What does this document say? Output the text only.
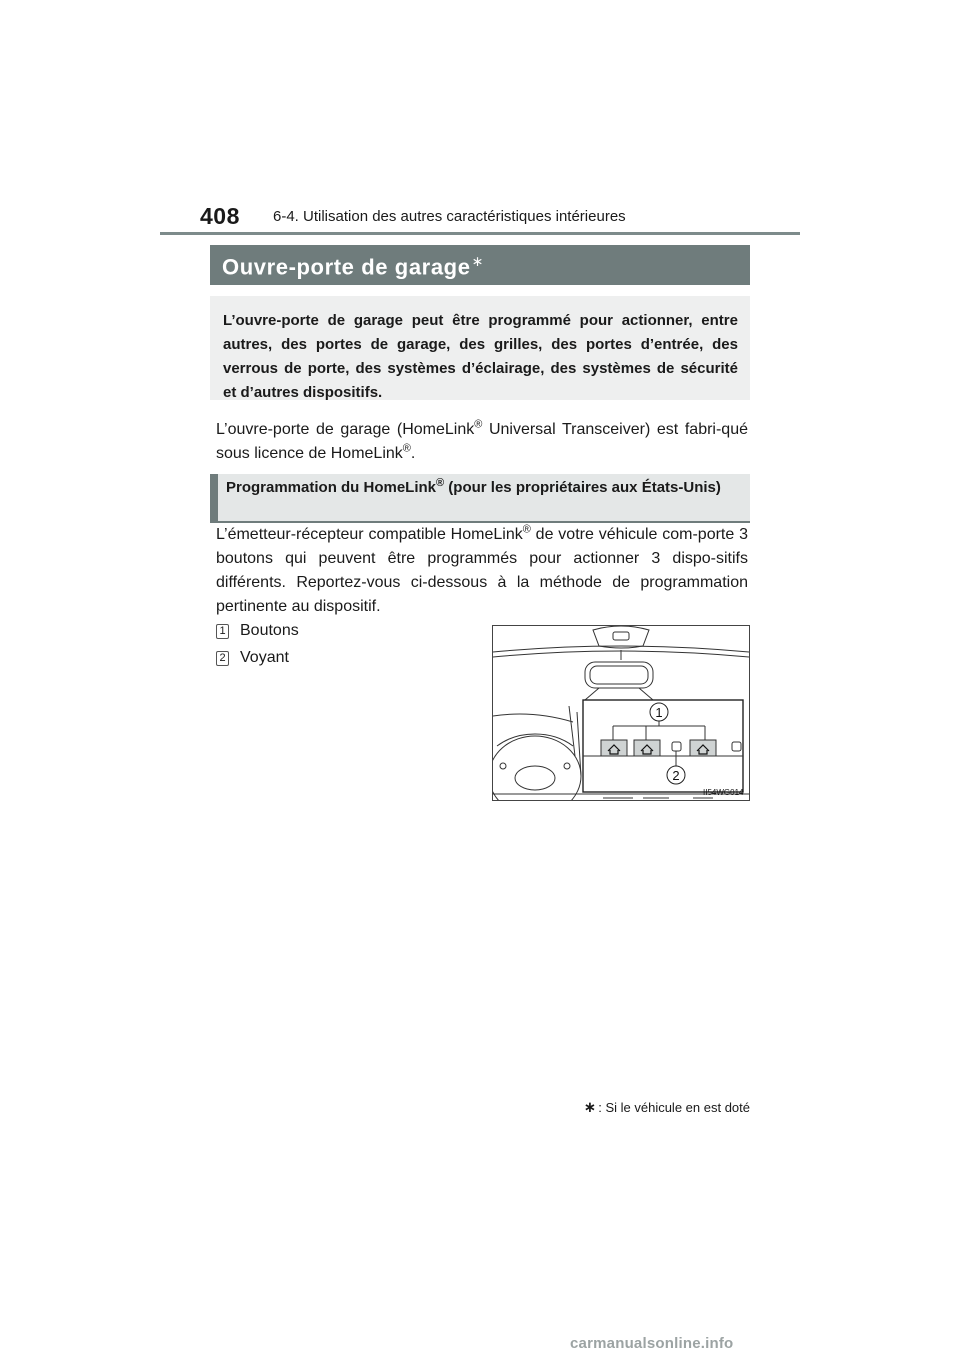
408 6-4. Utilisation des autres caractéristiques intérieures
Ouvre-porte de garage∗
L’ouvre-porte de garage peut être programmé pour actionner, entre autres, des portes de garage, des grilles, des portes d’entrée, des verrous de porte, des systèmes d’éclairage, des systèmes de sécurité et d’autres dispositifs.
L’ouvre-porte de garage (HomeLink® Universal Transceiver) est fabri-qué sous licence de HomeLink®.
Programmation du HomeLink® (pour les propriétaires aux États-Unis)
L’émetteur-récepteur compatible HomeLink® de votre véhicule com-porte 3 boutons qui peuvent être programmés pour actionner 3 dispo-sitifs différents. Reportez-vous ci-dessous à la méthode de programmation pertinente au dispositif.
1 Boutons
2 Voyant
1
2
II54WG014
∗ : Si le véhicule en est doté
carmanualsonline.info
